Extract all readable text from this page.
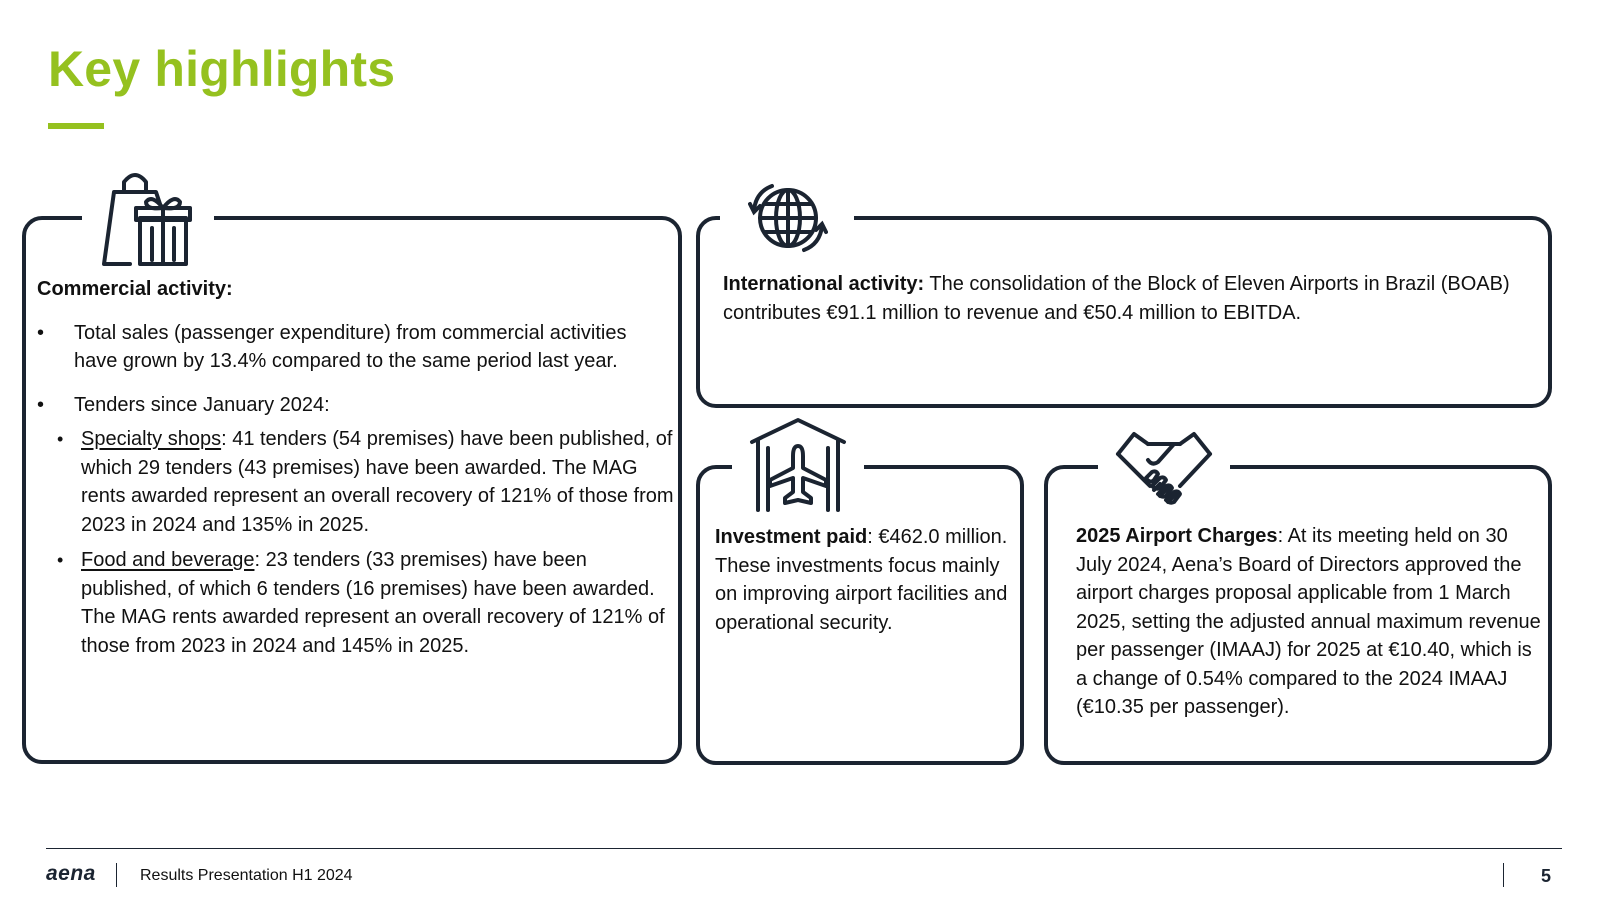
Key highlights
Commercial activity:
• Total sales (passenger expenditure) from commercial activities have grown by 13.4% compared to the same period last year.
• Tenders since January 2024:
• Specialty shops: 41 tenders (54 premises) have been published, of which 29 tenders (43 premises) have been awarded. The MAG rents awarded represent an overall recovery of 121% of those from 2023 in 2024 and 135% in 2025.
• Food and beverage: 23 tenders (33 premises) have been published, of which 6 tenders (16 premises) have been awarded. The MAG rents awarded represent an overall recovery of 121% of those from 2023 in 2024 and 145% in 2025.
International activity: The consolidation of the Block of Eleven Airports in Brazil (BOAB) contributes €91.1 million to revenue and €50.4 million to EBITDA.
Investment paid: €462.0 million. These investments focus mainly on improving airport facilities and operational security.
2025 Airport Charges: At its meeting held on 30 July 2024, Aena’s Board of Directors approved the airport charges proposal applicable from 1 March 2025, setting the adjusted annual maximum revenue per passenger (IMAAJ) for 2025 at €10.40, which is a change of 0.54% compared to the 2024 IMAAJ (€10.35 per passenger).
aena	Results Presentation H1 2024	5
